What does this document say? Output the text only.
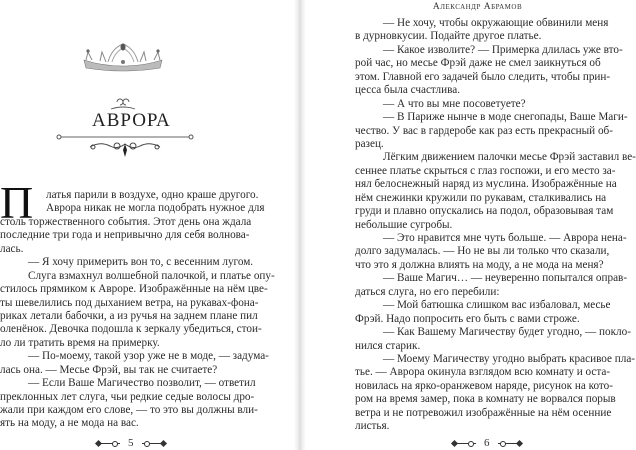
АВРОРА
П	латья парили в воздухе, одно краше другого.
Аврора никак не могла подобрать нужное для
столь торжественного события. Этот день она ждала
последние три года и непривычно для себя волнова-
лась.
— Я хочу примерить вон то, с весенним лугом.
Слуга взмахнул волшебной палочкой, и платье опу-
стилось прямиком к Авроре. Изображённые на нём цве-
ты шевелились под дыханием ветра, на рукавах-фона-
риках летали бабочки, а из ручья на заднем плане пил
оленёнок. Девочка подошла к зеркалу убедиться, стои-
ло ли тратить время на примерку.
— По-моему, такой узор уже не в моде, — задума-
лась она. — Месье Фрэй, вы так не считаете?
— Если Ваше Магичество позволит, — ответил
преклонных лет слуга, чьи редкие седые волосы дро-
жали при каждом его слове, — то это вы должны вли-
ять на моду, а не мода на вас.
5
Александр Абрамов
— Не хочу, чтобы окружающие обвинили меня
в дурновкусии. Подайте другое платье.
— Какое изволите? — Примерка длилась уже вто-
рой час, но месье Фрэй даже не смел заикнуться об
этом. Главной его задачей было следить, чтобы прин-
цесса была счастлива.
— А что вы мне посоветуете?
— В Париже нынче в моде снегопады, Ваше Маги-
чество. У вас в гардеробе как раз есть прекрасный об-
разец.
Лёгким движением палочки месье Фрэй заставил ве-
сеннее платье скрыться с глаз госпожи, и его место за-
нял белоснежный наряд из муслина. Изображённые на
нём снежинки кружили по рукавам, сталкивались на
груди и плавно опускались на подол, образовывая там
небольшие сугробы.
— Это нравится мне чуть больше. — Аврора нена-
долго задумалась. — Но не вы ли только что сказали,
что это я должна влиять на моду, а не мода на меня?
— Ваше Магич… — неуверенно попытался оправ-
даться слуга, но его перебили:
— Мой батюшка слишком вас избаловал, месье
Фрэй. Надо попросить его быть с вами строже.
— Как Вашему Магичеству будет угодно, — покло-
нился старик.
— Моему Магичеству угодно выбрать красивое пла-
тье. — Аврора окинула взглядом всю комнату и оста-
новилась на ярко-оранжевом наряде, рисунок на кото-
ром на время замер, пока в комнату не ворвался порыв
ветра и не потревожил изображённые на нём осенние
листья.
6
